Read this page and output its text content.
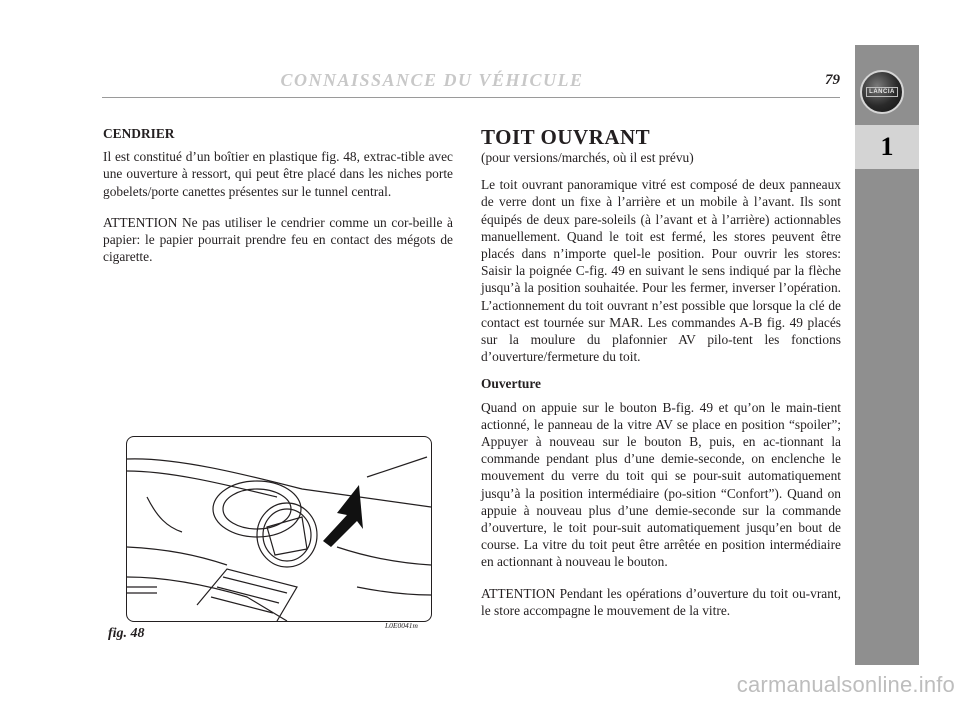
CONNAISSANCE DU VÉHICULE	79
LANCIA
1
CENDRIER

Il est constitué d’un boîtier en plastique fig. 48, extrac-tible avec une ouverture à ressort, qui peut être placé dans les niches porte gobelets/porte canettes présentes sur le tunnel central.

ATTENTION Ne pas utiliser le cendrier comme un cor-beille à papier: le papier pourrait prendre feu en contact des mégots de cigarette.

fig. 48
L0E0041m
TOIT OUVRANT

(pour versions/marchés, où il est prévu)

Le toit ouvrant panoramique vitré est composé de deux panneaux de verre dont un fixe à l’arrière et un mobile à l’avant. Ils sont équipés de deux pare-soleils (à l’avant et à l’arrière) actionnables manuellement. Quand le toit est fermé, les stores peuvent être placés dans n’importe quel-le position. Pour ouvrir les stores: Saisir la poignée C-fig. 49 en suivant le sens indiqué par la flèche jusqu’à la position souhaitée. Pour les fermer, inverser l’opération. L’actionnement du toit ouvrant n’est possible que lorsque la clé de contact est tournée sur MAR. Les commandes A-B fig. 49 placés sur la moulure du plafonnier AV pilo-tent les fonctions d’ouverture/fermeture du toit.

Ouverture

Quand on appuie sur le bouton B-fig. 49 et qu’on le main-tient actionné, le panneau de la vitre AV se place en position “spoiler”; Appuyer à nouveau sur le bouton B, puis, en ac-tionnant la commande pendant plus d’une demie-seconde, on enclenche le mouvement du verre du toit qui se pour-suit automatiquement jusqu’à la position intermédiaire (po-sition “Confort”). Quand on appuie à nouveau plus d’une demie-seconde sur la commande d’ouverture, le toit pour-suit automatiquement jusqu’en bout de course. La vitre du toit peut être arrêtée en position intermédiaire en actionnant à nouveau le bouton.

ATTENTION Pendant les opérations d’ouverture du toit ou-vrant, le store accompagne le mouvement de la vitre.

carmanualsonline.info
